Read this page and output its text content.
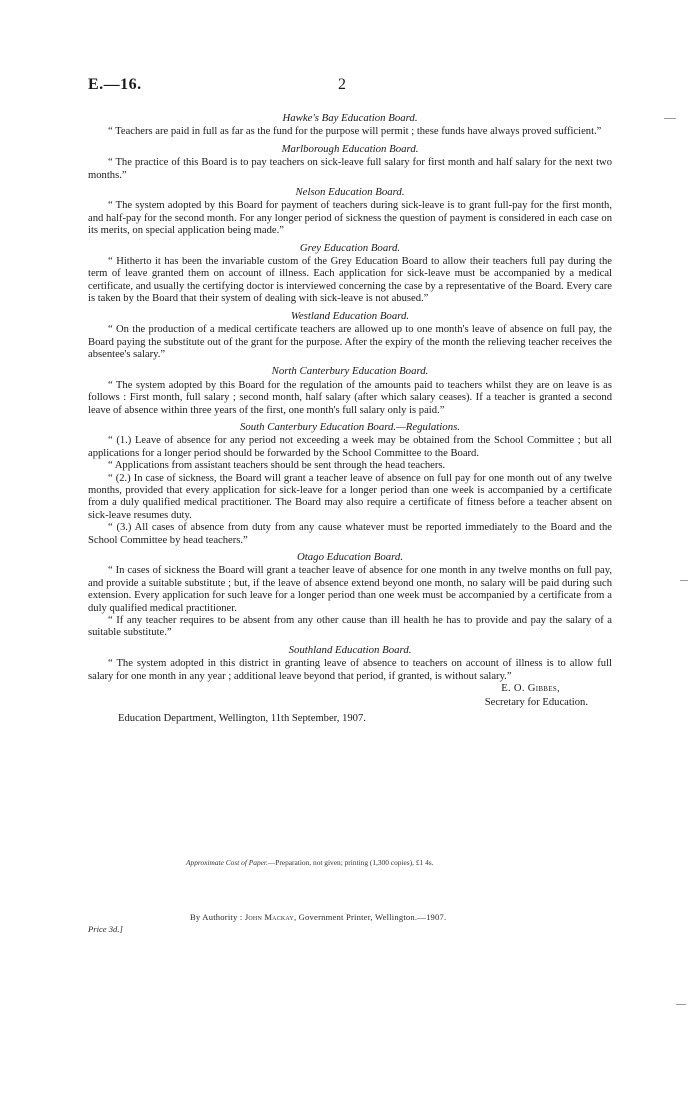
E.—16.	2
Hawke's Bay Education Board.

“ Teachers are paid in full as far as the fund for the purpose will permit ; these funds have always proved sufficient.”

Marlborough Education Board.

“ The practice of this Board is to pay teachers on sick-leave full salary for first month and half salary for the next two months.”

Nelson Education Board.

“ The system adopted by this Board for payment of teachers during sick-leave is to grant full-pay for the first month, and half-pay for the second month. For any longer period of sickness the question of payment is considered in each case on its merits, on special application being made.”

Grey Education Board.

“ Hitherto it has been the invariable custom of the Grey Education Board to allow their teachers full pay during the term of leave granted them on account of illness. Each application for sick-leave must be accompanied by a medical certificate, and usually the certifying doctor is interviewed concerning the case by a representative of the Board. Every care is taken by the Board that their system of dealing with sick-leave is not abused.”

Westland Education Board.

“ On the production of a medical certificate teachers are allowed up to one month's leave of absence on full pay, the Board paying the substitute out of the grant for the purpose. After the expiry of the month the relieving teacher receives the absentee's salary.”

North Canterbury Education Board.

“ The system adopted by this Board for the regulation of the amounts paid to teachers whilst they are on leave is as follows : First month, full salary ; second month, half salary (after which salary ceases). If a teacher is granted a second leave of absence within three years of the first, one month's full salary only is paid.”

South Canterbury Education Board.—Regulations.

“ (1.) Leave of absence for any period not exceeding a week may be obtained from the School Committee ; but all applications for a longer period should be forwarded by the School Committee to the Board.

“ Applications from assistant teachers should be sent through the head teachers.

“ (2.) In case of sickness, the Board will grant a teacher leave of absence on full pay for one month out of any twelve months, provided that every application for sick-leave for a longer period than one week is accompanied by a certificate from a duly qualified medical practitioner. The Board may also require a certificate of fitness before a teacher absent on sick-leave resumes duty.

“ (3.) All cases of absence from duty from any cause whatever must be reported immediately to the Board and the School Committee by head teachers.”

Otago Education Board.

“ In cases of sickness the Board will grant a teacher leave of absence for one month in any twelve months on full pay, and provide a suitable substitute ; but, if the leave of absence extend beyond one month, no salary will be paid during such extension. Every application for such leave for a longer period than one week must be accompanied by a certificate from a duly qualified medical practitioner.

“ If any teacher requires to be absent from any other cause than ill health he has to provide and pay the salary of a suitable substitute.”

Southland Education Board.

“ The system adopted in this district in granting leave of absence to teachers on account of illness is to allow full salary for one month in any year ; additional leave beyond that period, if granted, is without salary.”

E. O. Gibbes,
Secretary for Education.
Education Department, Wellington, 11th September, 1907.
Approximate Cost of Paper.—Preparation, not given; printing (1,300 copies), £1 4s.
By Authority : John Mackay, Government Printer, Wellington.—1907.
Price 3d.]
